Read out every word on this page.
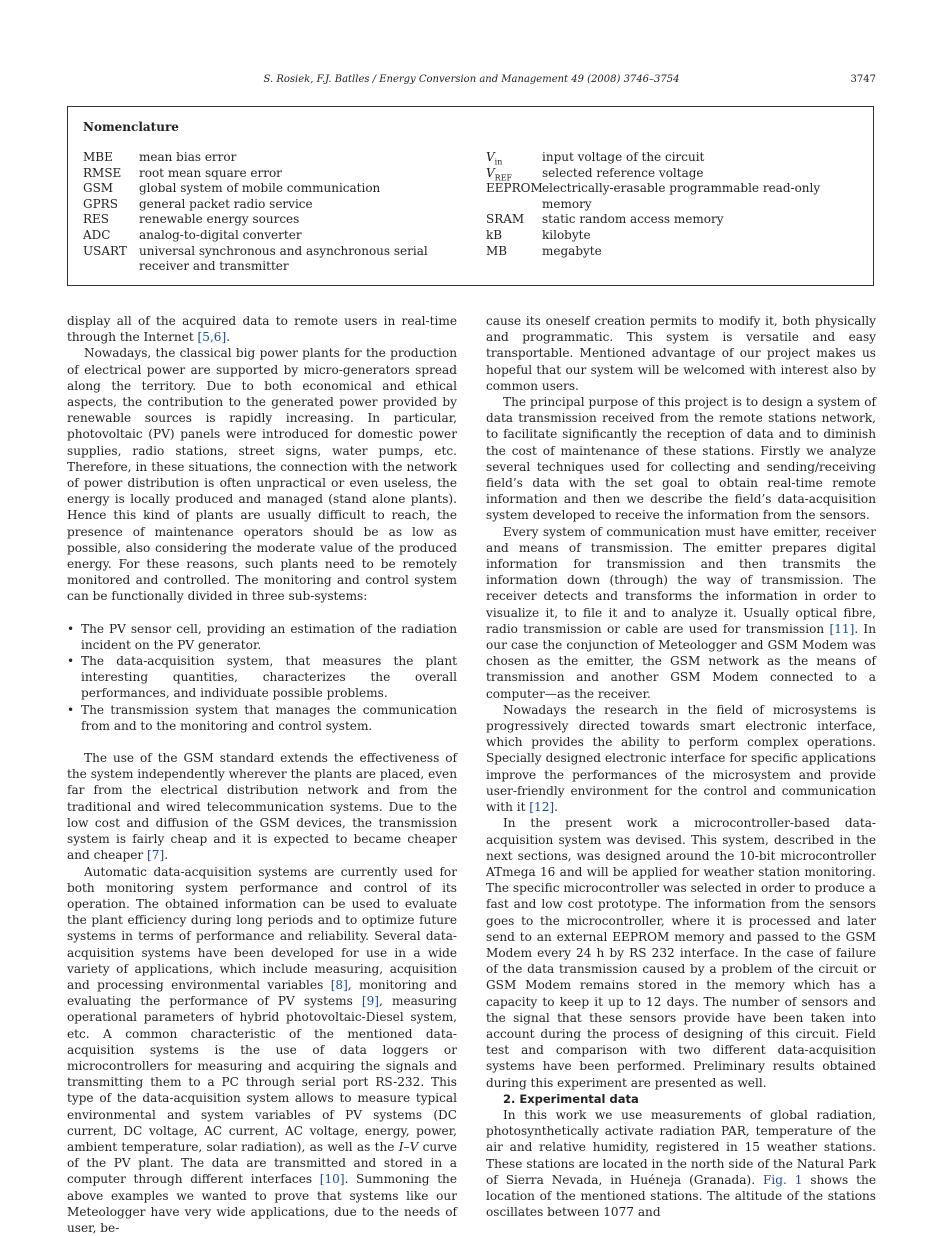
S. Rosiek, F.J. Batlles / Energy Conversion and Management 49 (2008) 3746–3754	3747
Nomenclature
MBE	mean bias error
RMSE	root mean square error
GSM	global system of mobile communication
GPRS	general packet radio service
RES	renewable energy sources
ADC	analog-to-digital converter
USART	universal synchronous and asynchronous serial receiver and transmitter
$V_{in}$	input voltage of the circuit
$V_{REF}$	selected reference voltage
EEPROM electrically-erasable programmable read-only memory
SRAM	static random access memory
kB	kilobyte
MB	megabyte

display all of the acquired data to remote users in real-time through the Internet [5,6].

Nowadays, the classical big power plants for the production of electrical power are supported by micro-generators spread along the territory. Due to both economical and ethical aspects, the contribution to the generated power provided by renewable sources is rapidly increasing. In particular, photovoltaic (PV) panels were introduced for domestic power supplies, radio stations, street signs, water pumps, etc. Therefore, in these situations, the connection with the network of power distribution is often unpractical or even useless, the energy is locally produced and managed (stand alone plants). Hence this kind of plants are usually difficult to reach, the presence of maintenance operators should be as low as possible, also considering the moderate value of the produced energy. For these reasons, such plants need to be remotely monitored and controlled. The monitoring and control system can be functionally divided in three sub-systems:

• The PV sensor cell, providing an estimation of the radiation incident on the PV generator.
• The data-acquisition system, that measures the plant interesting quantities, characterizes the overall performances, and individuate possible problems.
• The transmission system that manages the communication from and to the monitoring and control system.

The use of the GSM standard extends the effectiveness of the system independently wherever the plants are placed, even far from the electrical distribution network and from the traditional and wired telecommunication systems. Due to the low cost and diffusion of the GSM devices, the transmission system is fairly cheap and it is expected to became cheaper and cheaper [7].

Automatic data-acquisition systems are currently used for both monitoring system performance and control of its operation. The obtained information can be used to evaluate the plant efficiency during long periods and to optimize future systems in terms of performance and reliability. Several data-acquisition systems have been developed for use in a wide variety of applications, which include measuring, acquisition and processing environmental variables [8], monitoring and evaluating the performance of PV systems [9], measuring operational parameters of hybrid photovoltaic-Diesel system, etc. A common characteristic of the mentioned data-acquisition systems is the use of data loggers or microcontrollers for measuring and acquiring the signals and transmitting them to a PC through serial port RS-232. This type of the data-acquisition system allows to measure typical environmental and system variables of PV systems (DC current, DC voltage, AC current, AC voltage, energy, power, ambient temperature, solar radiation), as well as the I–V curve of the PV plant. The data are transmitted and stored in a computer through different interfaces [10]. Summoning the above examples we wanted to prove that systems like our Meteologger have very wide applications, due to the needs of user, be-

cause its oneself creation permits to modify it, both physically and programmatic. This system is versatile and easy transportable. Mentioned advantage of our project makes us hopeful that our system will be welcomed with interest also by common users.

The principal purpose of this project is to design a system of data transmission received from the remote stations network, to facilitate significantly the reception of data and to diminish the cost of maintenance of these stations. Firstly we analyze several techniques used for collecting and sending/receiving field’s data with the set goal to obtain real-time remote information and then we describe the field’s data-acquisition system developed to receive the information from the sensors.

Every system of communication must have emitter, receiver and means of transmission. The emitter prepares digital information for transmission and then transmits the information down (through) the way of transmission. The receiver detects and transforms the information in order to visualize it, to file it and to analyze it. Usually optical fibre, radio transmission or cable are used for transmission [11]. In our case the conjunction of Meteologger and GSM Modem was chosen as the emitter, the GSM network as the means of transmission and another GSM Modem connected to a computer—as the receiver.

Nowadays the research in the field of microsystems is progressively directed towards smart electronic interface, which provides the ability to perform complex operations. Specially designed electronic interface for specific applications improve the performances of the microsystem and provide user-friendly environment for the control and communication with it [12].

In the present work a microcontroller-based data-acquisition system was devised. This system, described in the next sections, was designed around the 10-bit microcontroller ATmega 16 and will be applied for weather station monitoring. The specific microcontroller was selected in order to produce a fast and low cost prototype. The information from the sensors goes to the microcontroller, where it is processed and later send to an external EEPROM memory and passed to the GSM Modem every 24 h by RS 232 interface. In the case of failure of the data transmission caused by a problem of the circuit or GSM Modem remains stored in the memory which has a capacity to keep it up to 12 days. The number of sensors and the signal that these sensors provide have been taken into account during the process of designing of this circuit. Field test and comparison with two different data-acquisition systems have been performed. Preliminary results obtained during this experiment are presented as well.

2. Experimental data

In this work we use measurements of global radiation, photosynthetically activate radiation PAR, temperature of the air and relative humidity, registered in 15 weather stations. These stations are located in the north side of the Natural Park of Sierra Nevada, in Huéneja (Granada). Fig. 1 shows the location of the mentioned stations. The altitude of the stations oscillates between 1077 and
